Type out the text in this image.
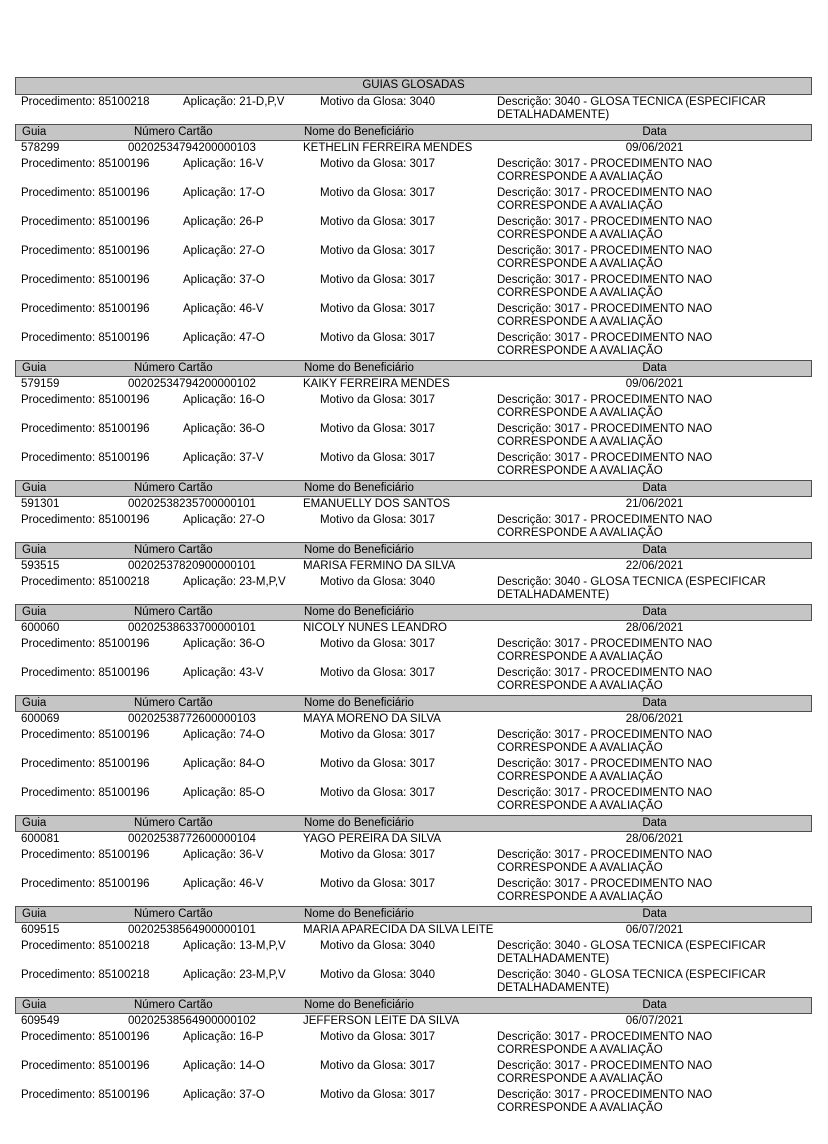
GUIAS GLOSADAS
Procedimento: 85100218	Aplicação: 21-D,P,V	Motivo da Glosa: 3040	Descrição: 3040 - GLOSA TECNICA (ESPECIFICAR DETALHADAMENTE)
Guia	Número Cartão	Nome do Beneficiário	Data
578299	00202534794200000103	KETHELIN FERREIRA MENDES	09/06/2021
Procedimento: 85100196	Aplicação: 16-V	Motivo da Glosa: 3017	Descrição: 3017 - PROCEDIMENTO NÃO CORRESPONDE A AVALIAÇÃO
Procedimento: 85100196	Aplicação: 17-O	Motivo da Glosa: 3017	Descrição: 3017 - PROCEDIMENTO NÃO CORRESPONDE A AVALIAÇÃO
Procedimento: 85100196	Aplicação: 26-P	Motivo da Glosa: 3017	Descrição: 3017 - PROCEDIMENTO NÃO CORRESPONDE A AVALIAÇÃO
Procedimento: 85100196	Aplicação: 27-O	Motivo da Glosa: 3017	Descrição: 3017 - PROCEDIMENTO NÃO CORRESPONDE A AVALIAÇÃO
Procedimento: 85100196	Aplicação: 37-O	Motivo da Glosa: 3017	Descrição: 3017 - PROCEDIMENTO NÃO CORRESPONDE A AVALIAÇÃO
Procedimento: 85100196	Aplicação: 46-V	Motivo da Glosa: 3017	Descrição: 3017 - PROCEDIMENTO NÃO CORRESPONDE A AVALIAÇÃO
Procedimento: 85100196	Aplicação: 47-O	Motivo da Glosa: 3017	Descrição: 3017 - PROCEDIMENTO NÃO CORRESPONDE A AVALIAÇÃO
Guia	Número Cartão	Nome do Beneficiário	Data
579159	00202534794200000102	KAIKY FERREIRA MENDES	09/06/2021
Procedimento: 85100196	Aplicação: 16-O	Motivo da Glosa: 3017	Descrição: 3017 - PROCEDIMENTO NÃO CORRESPONDE A AVALIAÇÃO
Procedimento: 85100196	Aplicação: 36-O	Motivo da Glosa: 3017	Descrição: 3017 - PROCEDIMENTO NÃO CORRESPONDE A AVALIAÇÃO
Procedimento: 85100196	Aplicação: 37-V	Motivo da Glosa: 3017	Descrição: 3017 - PROCEDIMENTO NÃO CORRESPONDE A AVALIAÇÃO
Guia	Número Cartão	Nome do Beneficiário	Data
591301	00202538235700000101	EMANUELLY DOS SANTOS	21/06/2021
Procedimento: 85100196	Aplicação: 27-O	Motivo da Glosa: 3017	Descrição: 3017 - PROCEDIMENTO NÃO CORRESPONDE A AVALIAÇÃO
Guia	Número Cartão	Nome do Beneficiário	Data
593515	00202537820900000101	MARISA FERMINO DA SILVA	22/06/2021
Procedimento: 85100218	Aplicação: 23-M,P,V	Motivo da Glosa: 3040	Descrição: 3040 - GLOSA TECNICA (ESPECIFICAR DETALHADAMENTE)
Guia	Número Cartão	Nome do Beneficiário	Data
600060	00202538633700000101	NICOLY NUNES LEANDRO	28/06/2021
Procedimento: 85100196	Aplicação: 36-O	Motivo da Glosa: 3017	Descrição: 3017 - PROCEDIMENTO NÃO CORRESPONDE A AVALIAÇÃO
Procedimento: 85100196	Aplicação: 43-V	Motivo da Glosa: 3017	Descrição: 3017 - PROCEDIMENTO NÃO CORRESPONDE A AVALIAÇÃO
Guia	Número Cartão	Nome do Beneficiário	Data
600069	00202538772600000103	MAYA MORENO DA SILVA	28/06/2021
Procedimento: 85100196	Aplicação: 74-O	Motivo da Glosa: 3017	Descrição: 3017 - PROCEDIMENTO NÃO CORRESPONDE A AVALIAÇÃO
Procedimento: 85100196	Aplicação: 84-O	Motivo da Glosa: 3017	Descrição: 3017 - PROCEDIMENTO NÃO CORRESPONDE A AVALIAÇÃO
Procedimento: 85100196	Aplicação: 85-O	Motivo da Glosa: 3017	Descrição: 3017 - PROCEDIMENTO NÃO CORRESPONDE A AVALIAÇÃO
Guia	Número Cartão	Nome do Beneficiário	Data
600081	00202538772600000104	YAGO PEREIRA DA SILVA	28/06/2021
Procedimento: 85100196	Aplicação: 36-V	Motivo da Glosa: 3017	Descrição: 3017 - PROCEDIMENTO NÃO CORRESPONDE A AVALIAÇÃO
Procedimento: 85100196	Aplicação: 46-V	Motivo da Glosa: 3017	Descrição: 3017 - PROCEDIMENTO NÃO CORRESPONDE A AVALIAÇÃO
Guia	Número Cartão	Nome do Beneficiário	Data
609515	00202538564900000101	MARIA APARECIDA DA SILVA LEITE	06/07/2021
Procedimento: 85100218	Aplicação: 13-M,P,V	Motivo da Glosa: 3040	Descrição: 3040 - GLOSA TECNICA (ESPECIFICAR DETALHADAMENTE)
Procedimento: 85100218	Aplicação: 23-M,P,V	Motivo da Glosa: 3040	Descrição: 3040 - GLOSA TECNICA (ESPECIFICAR DETALHADAMENTE)
Guia	Número Cartão	Nome do Beneficiário	Data
609549	00202538564900000102	JEFFERSON LEITE DA SILVA	06/07/2021
Procedimento: 85100196	Aplicação: 16-P	Motivo da Glosa: 3017	Descrição: 3017 - PROCEDIMENTO NÃO CORRESPONDE A AVALIAÇÃO
Procedimento: 85100196	Aplicação: 14-O	Motivo da Glosa: 3017	Descrição: 3017 - PROCEDIMENTO NÃO CORRESPONDE A AVALIAÇÃO
Procedimento: 85100196	Aplicação: 37-O	Motivo da Glosa: 3017	Descrição: 3017 - PROCEDIMENTO NÃO CORRESPONDE A AVALIAÇÃO
